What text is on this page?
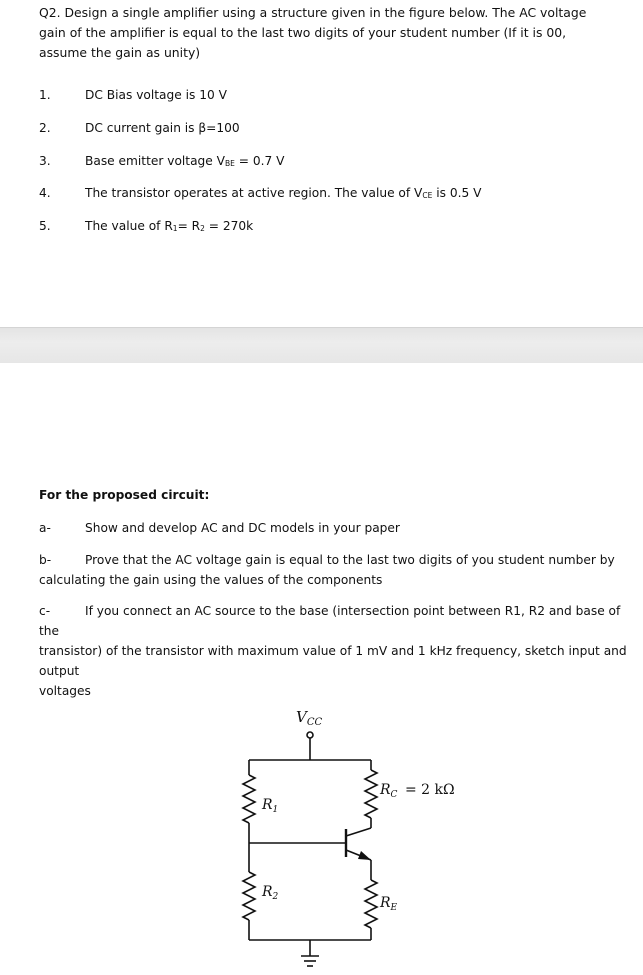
Q2. Design a single amplifier using a structure given in the figure below. The AC voltage gain of the amplifier is equal to the last two digits of your student number (If it is 00, assume the gain as unity)
1.	DC Bias voltage is 10 V
2.	DC current gain is β=100
3.	Base emitter voltage $V_{BE} = 0.7$ V
4.	The transistor operates at active region. The value of $V_{CE}$ is 0.5 V
5.	The value of $R_1= R_2 = 270k$
For the proposed circuit:
a-	Show and develop AC and DC models in your paper
b-	Prove that the AC voltage gain is equal to the last two digits of you student number by
calculating the gain using the values of the components
c-	If you connect an AC source to the base (intersection point between R1, R2 and base of the
transistor) of the transistor with maximum value of 1 mV and 1 kHz frequency, sketch input and output
voltages
$V_{CC}$
$R_1$
$R_2$
$R_C = 2$ kΩ
$R_E$
